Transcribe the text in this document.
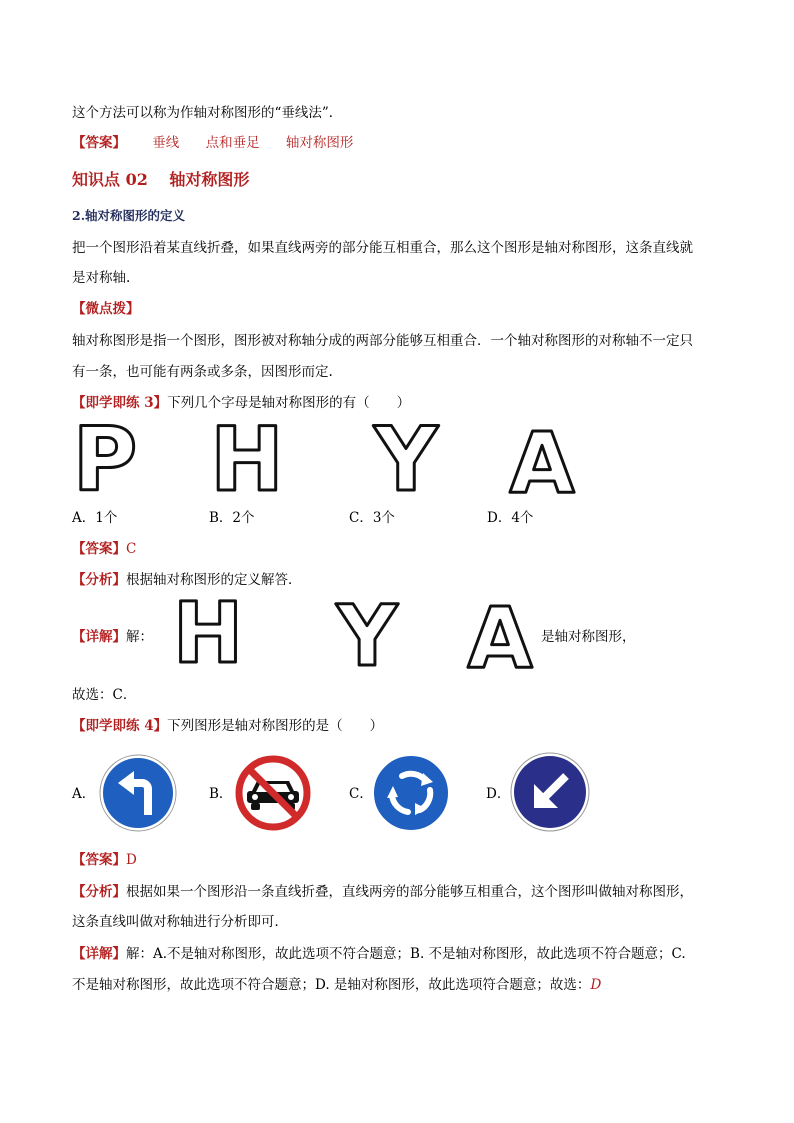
这个方法可以称为作轴对称图形的“垂线法”．
【答案】 垂线 点和垂足 轴对称图形
知识点 02　 轴对称图形
2.轴对称图形的定义
把一个图形沿着某直线折叠，如果直线两旁的部分能互相重合，那么这个图形是轴对称图形，这条直线就
是对称轴.
【微点拨】
轴对称图形是指一个图形，图形被对称轴分成的两部分能够互相重合．一个轴对称图形的对称轴不一定只
有一条，也可能有两条或多条，因图形而定.
【即学即练 3】下列几个字母是轴对称图形的有（　　）
P H Y A
H Y A
A．1个	B．2个	C．3个	D．4个
【答案】C
【分析】根据轴对称图形的定义解答．
【详解】解：	是轴对称图形，
故选：C．
【即学即练 4】下列图形是轴对称图形的是（　　）
A．	B．	C．	D．
【答案】D
【分析】根据如果一个图形沿一条直线折叠，直线两旁的部分能够互相重合，这个图形叫做轴对称图形，
这条直线叫做对称轴进行分析即可．
【详解】解：A.不是轴对称图形，故此选项不符合题意；B. 不是轴对称图形，故此选项不符合题意；C.
不是轴对称图形，故此选项不符合题意；D. 是轴对称图形，故此选项符合题意；故选：D
